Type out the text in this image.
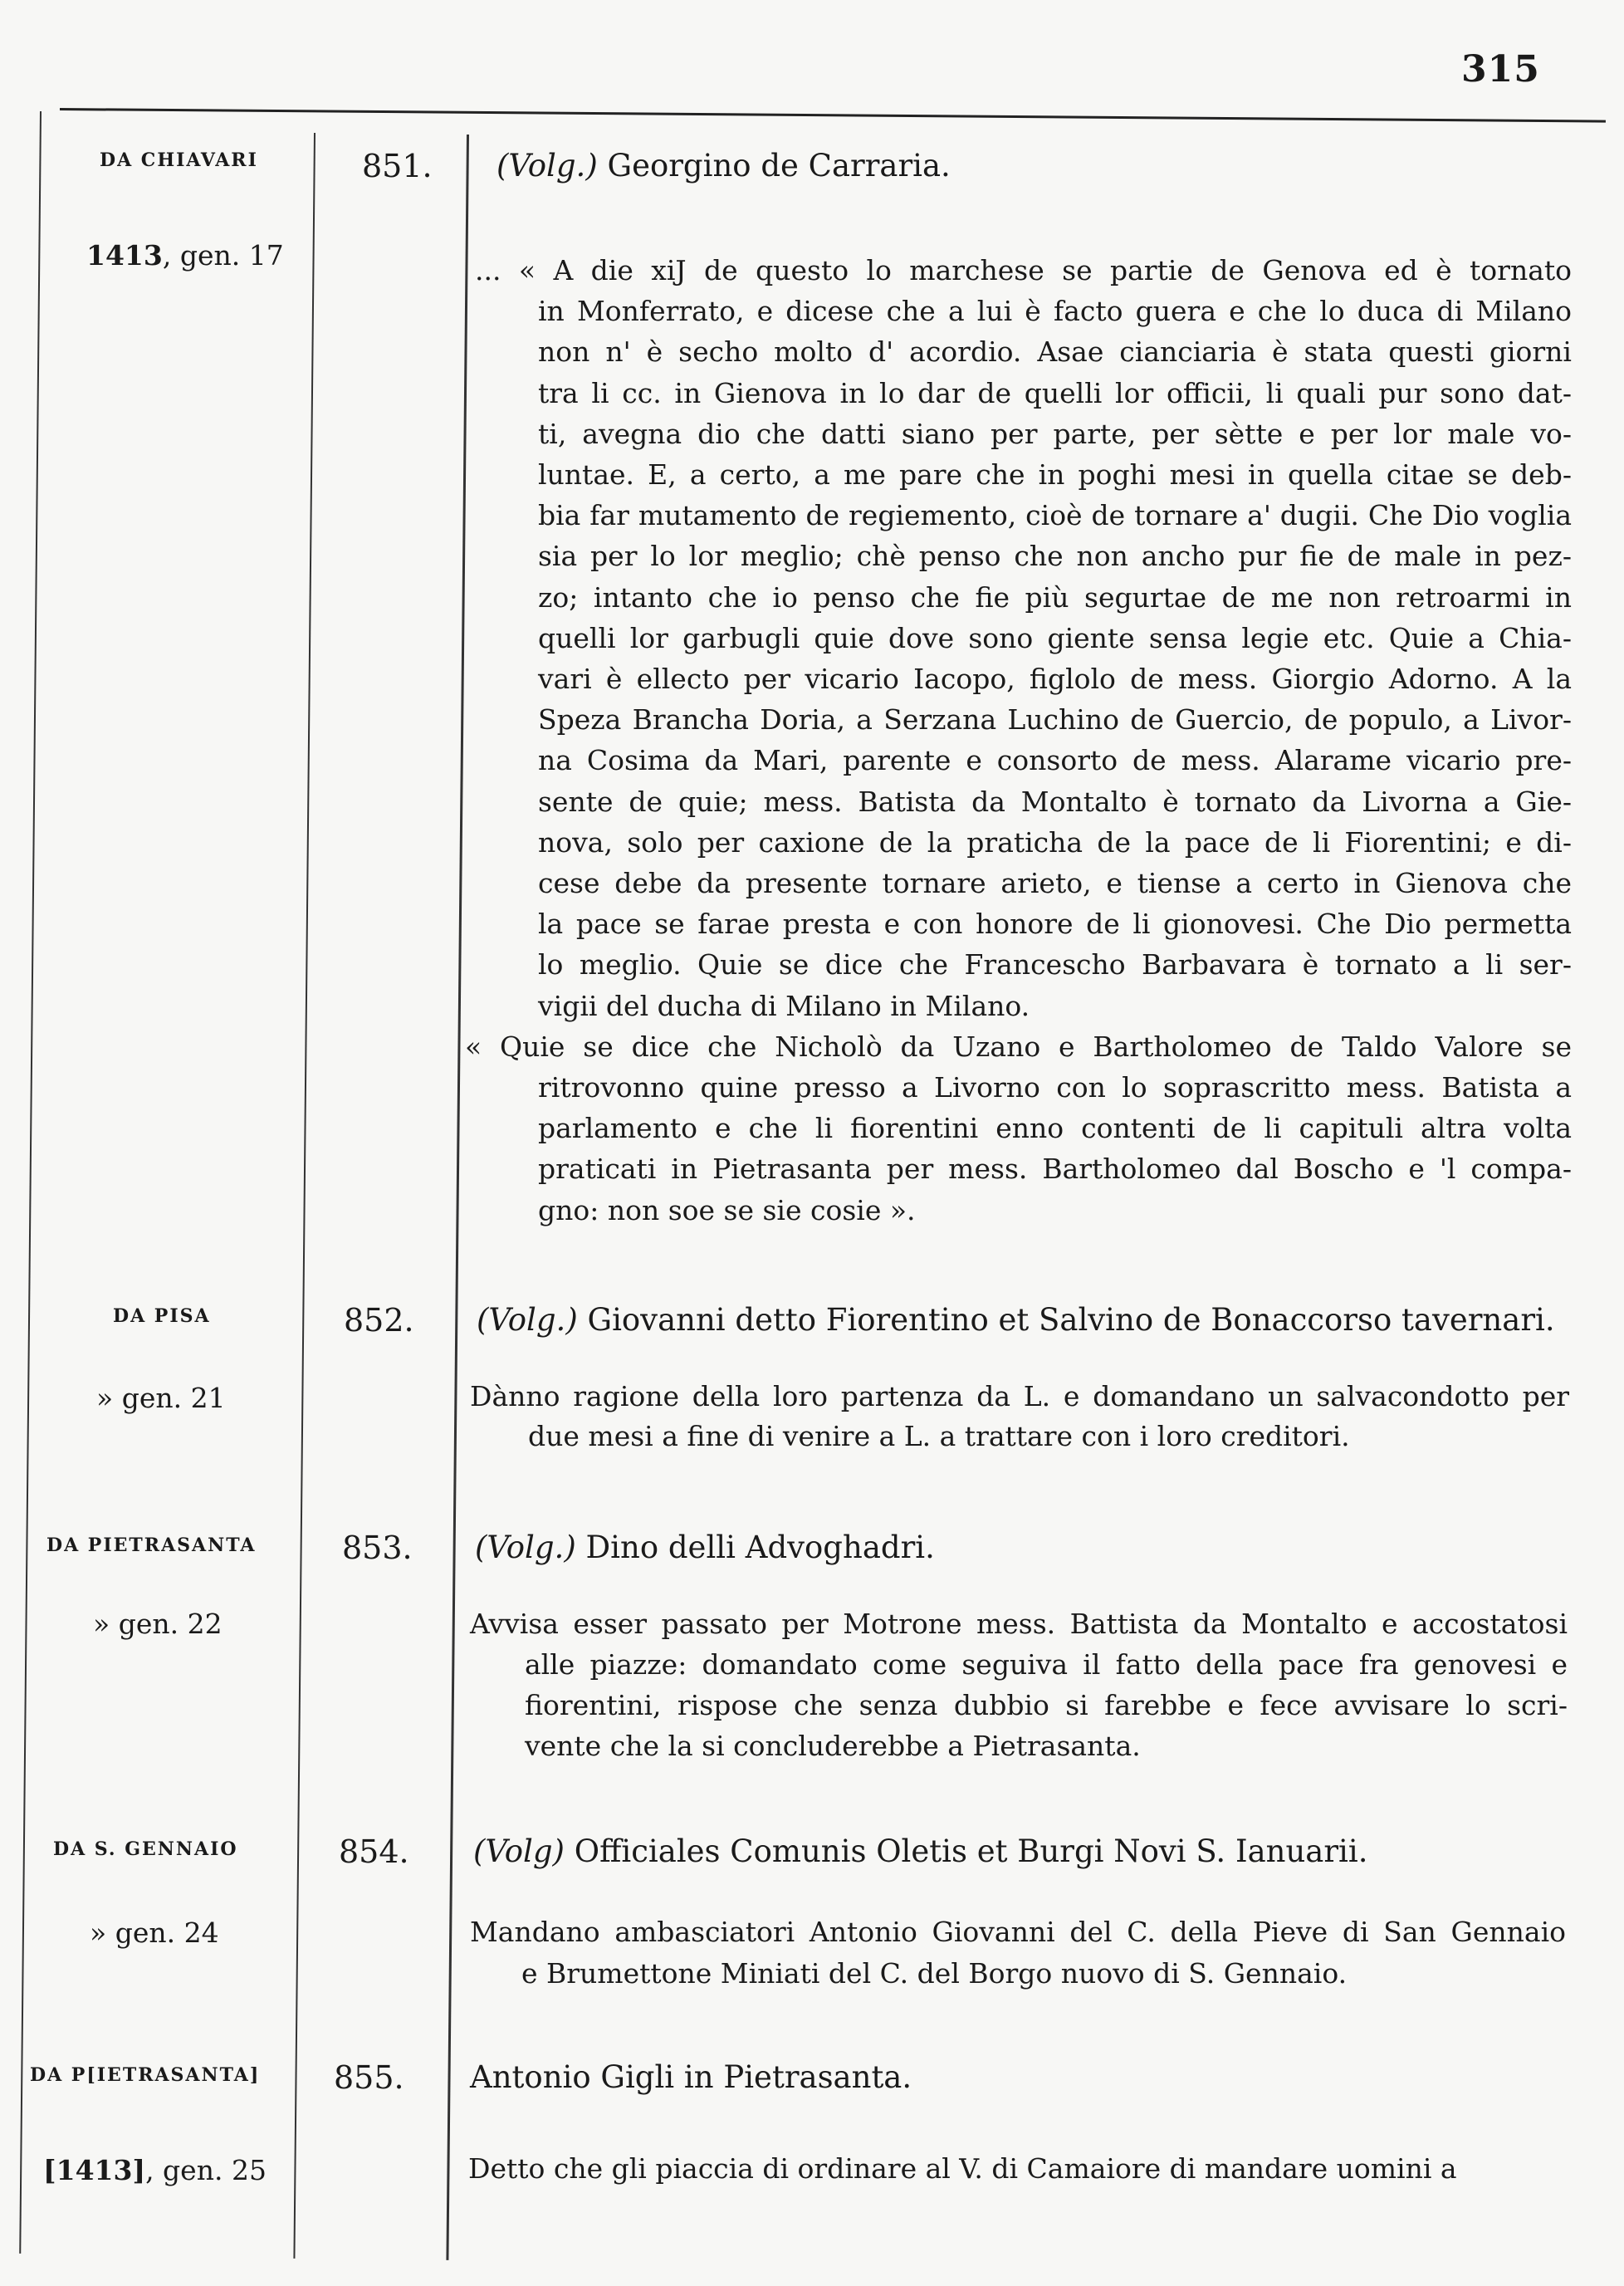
315
DA CHIAVARI
1413, gen. 17
851. (Volg.) Georgino de Carraria.
... « A die xiJ de questo lo marchese se partie de Genova ed è tornato
in Monferrato, e dicese che a lui è facto guera e che lo duca di Milano
non n' è secho molto d' acordio. Asae cianciaria è stata questi giorni
tra li cc. in Gienova in lo dar de quelli lor officii, li quali pur sono dat-
ti, avegna dio che datti siano per parte, per sètte e per lor male vo-
luntae. E, a certo, a me pare che in poghi mesi in quella citae se deb-
bia far mutamento de regiemento, cioè de tornare a' dugii. Che Dio voglia
sia per lo lor meglio; chè penso che non ancho pur fie de male in pez-
zo; intanto che io penso che fie più segurtae de me non retroarmi in
quelli lor garbugli quie dove sono giente sensa legie etc. Quie a Chia-
vari è ellecto per vicario Iacopo, figlolo de mess. Giorgio Adorno. A la
Speza Brancha Doria, a Serzana Luchino de Guercio, de populo, a Livor-
na Cosima da Mari, parente e consorto de mess. Alarame vicario pre-
sente de quie; mess. Batista da Montalto è tornato da Livorna a Gie-
nova, solo per caxione de la praticha de la pace de li Fiorentini; e di-
cese debe da presente tornare arieto, e tiense a certo in Gienova che
la pace se farae presta e con honore de li gionovesi. Che Dio permetta
lo meglio. Quie se dice che Francescho Barbavara è tornato a li ser-
vigii del ducha di Milano in Milano.
« Quie se dice che Nicholò da Uzano e Bartholomeo de Taldo Valore se
ritrovonno quine presso a Livorno con lo soprascritto mess. Batista a
parlamento e che li fiorentini enno contenti de li capituli altra volta
praticati in Pietrasanta per mess. Bartholomeo dal Boscho e 'l compa-
gno: non soe se sie cosie ».
DA PISA
» gen. 21
852. (Volg.) Giovanni detto Fiorentino et Salvino de Bonaccorso tavernari.
Dànno ragione della loro partenza da L. e domandano un salvacondotto per
due mesi a fine di venire a L. a trattare con i loro creditori.
DA PIETRASANTA
» gen. 22
853. (Volg.) Dino delli Advoghadri.
Avvisa esser passato per Motrone mess. Battista da Montalto e accostatosi
alle piazze: domandato come seguiva il fatto della pace fra genovesi e
fiorentini, rispose che senza dubbio si farebbe e fece avvisare lo scri-
vente che la si concluderebbe a Pietrasanta.
DA S. GENNAIO
» gen. 24
854. (Volg) Officiales Comunis Oletis et Burgi Novi S. Ianuarii.
Mandano ambasciatori Antonio Giovanni del C. della Pieve di San Gennaio
e Brumettone Miniati del C. del Borgo nuovo di S. Gennaio.
DA P[IETRASANTA]
[1413], gen. 25
855. Antonio Gigli in Pietrasanta.
Detto che gli piaccia di ordinare al V. di Camaiore di mandare uomini a
